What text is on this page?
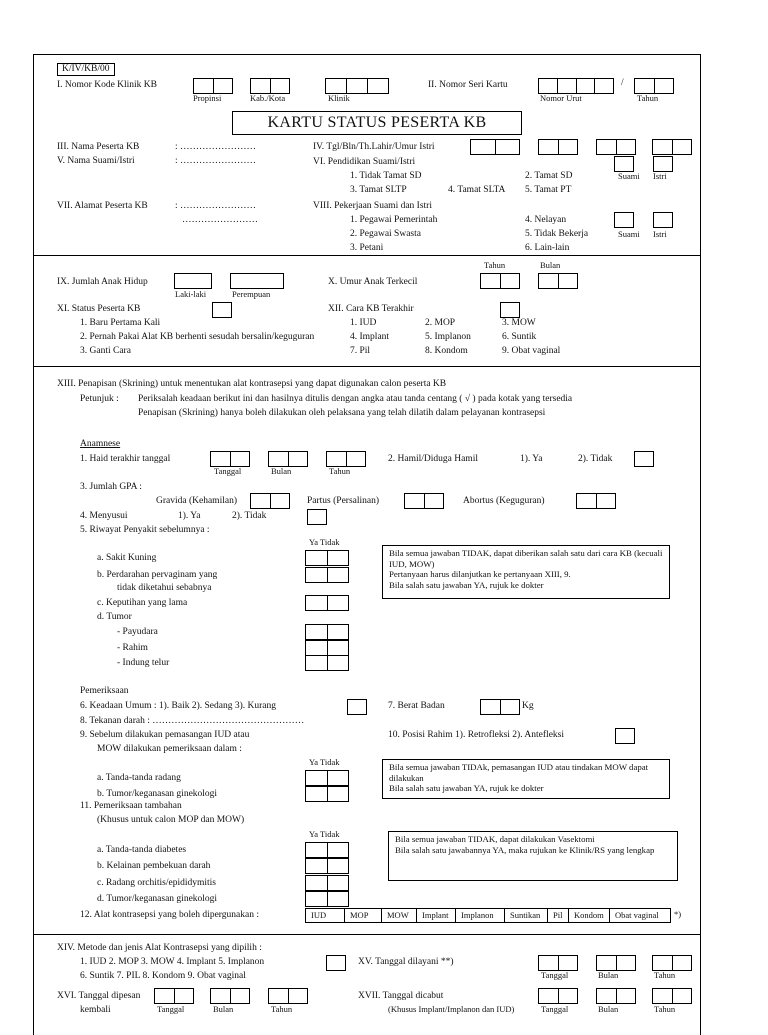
K/IV/KB/00
I. Nomor Kode Klinik KB
Propinsi	Kab./Kota	Klinik
II. Nomor Seri Kartu	/
Nomor Urut	Tahun
KARTU STATUS PESERTA KB
III. Nama Peserta KB	: ……………………
V. Nama Suami/Istri	: ……………………
VII. Alamat Peserta KB	: ……………………
……………………
IV. Tgl/Bln/Th.Lahir/Umur Istri
VI. Pendidikan Suami/Istri
1. Tidak Tamat SD	2. Tamat SD	Suami Istri
3. Tamat SLTP	4. Tamat SLTA 5. Tamat PT
VIII. Pekerjaan Suami dan Istri
1. Pegawai Pemerintah	4. Nelayan
2. Pegawai Swasta	5. Tidak Bekerja	Suami Istri
3. Petani	6. Lain-lain
IX. Jumlah Anak Hidup
Laki-laki	Perempuan
X. Umur Anak Terkecil
Tahun	Bulan
XI. Status Peserta KB
1. Baru Pertama Kali
2. Pernah Pakai Alat KB berhenti sesudah bersalin/keguguran
3. Ganti Cara
XII. Cara KB Terakhir
1. IUD	2. MOP	3. MOW
4. Implant	5. Implanon	6. Suntik
7. Pil	8. Kondom	9. Obat vaginal
XIII. Penapisan (Skrining) untuk menentukan alat kontrasepsi yang dapat digunakan calon peserta KB
Petunjuk : Periksalah keadaan berikut ini dan hasilnya ditulis dengan angka atau tanda centang ( √ ) pada kotak yang tersedia
Penapisan (Skrining) hanya boleh dilakukan oleh pelaksana yang telah dilatih dalam pelayanan kontrasepsi
Anamnese
1. Haid terakhir tanggal
Tanggal	Bulan	Tahun
2. Hamil/Diduga Hamil	1). Ya	2). Tidak
3. Jumlah GPA :
Gravida (Kehamilan)	Partus (Persalinan)	Abortus (Keguguran)
4. Menyusui	1). Ya	2). Tidak
5. Riwayat Penyakit sebelumnya :
Ya Tidak
a. Sakit Kuning
b. Perdarahan pervaginam yang
tidak diketahui sebabnya
c. Keputihan yang lama
d. Tumor
- Payudara
- Rahim
- Indung telur
Bila semua jawaban TIDAK, dapat diberikan salah satu dari cara KB (kecuali IUD, MOW)
Pertanyaan harus dilanjutkan ke pertanyaan XIII, 9.
Bila salah satu jawaban YA, rujuk ke dokter
Pemeriksaan
6. Keadaan Umum : 1). Baik 2). Sedang 3). Kurang	7. Berat Badan	Kg
8. Tekanan darah : …………………………………………
9. Sebelum dilakukan pemasangan IUD atau
MOW dilakukan pemeriksaan dalam :
10. Posisi Rahim 1). Retrofleksi 2). Antefleksi
Ya Tidak
a. Tanda-tanda radang
b. Tumor/keganasan ginekologi
Bila semua jawaban TIDAk, pemasangan IUD atau tindakan MOW dapat dilakukan
Bila salah satu jawaban YA, rujuk ke dokter
11. Pemeriksaan tambahan
(Khusus untuk calon MOP dan MOW)
Ya Tidak
a. Tanda-tanda diabetes
b. Kelainan pembekuan darah
c. Radang orchitis/epididymitis
d. Tumor/keganasan ginekologi
Bila semua jawaban TIDAK, dapat dilakukan Vasektomi
Bila salah satu jawabannya YA, maka rujukan ke Klinik/RS yang lengkap
12. Alat kontrasepsi yang boleh dipergunakan :	IUD	MOP	MOW	Implant	Implanon	Suntikan	Pil	Kondom	Obat vaginal	*)
XIV. Metode dan jenis Alat Kontrasepsi yang dipilih :
1. IUD 2. MOP 3. MOW 4. Implant 5. Implanon
6. Suntik 7. PIL 8. Kondom 9. Obat vaginal
XV. Tanggal dilayani **)
Tanggal	Bulan	Tahun
XVI. Tanggal dipesan
kembali	Tanggal	Bulan	Tahun
XVII. Tanggal dicabut
(Khusus Implant/Implanon dan IUD)	Tanggal	Bulan	Tahun
